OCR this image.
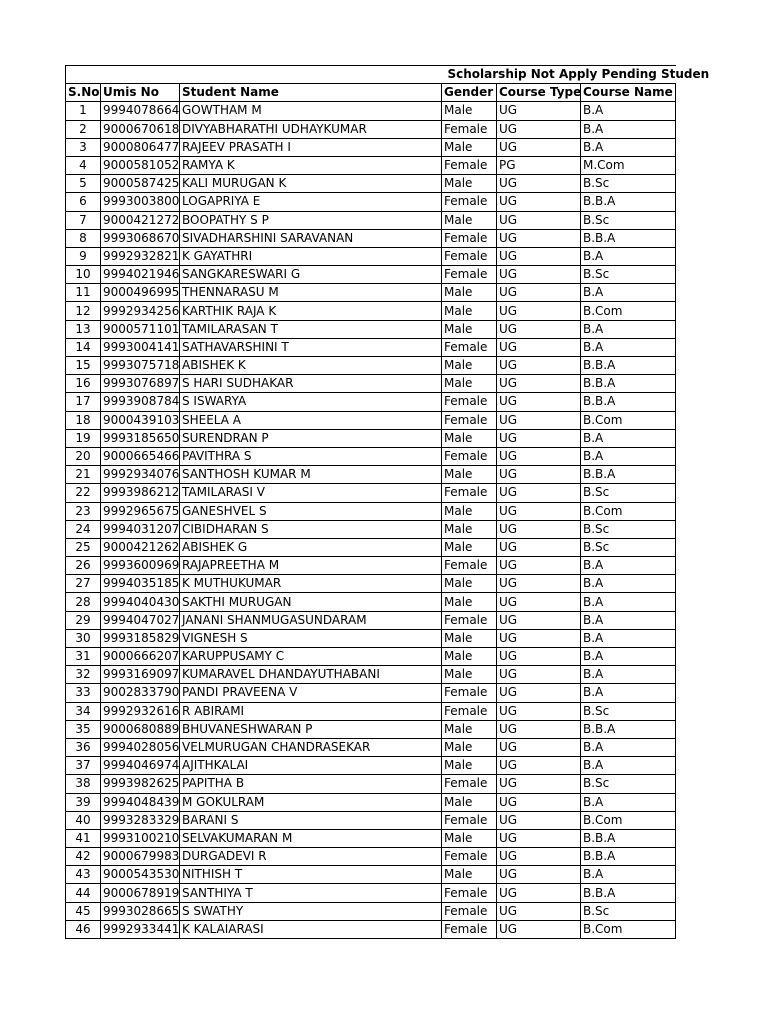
			Scholarship Not Apply Pending Studen		
S.No	Umis No	Student Name	Gender	Course Type	Course Name
1	9994078664	GOWTHAM M	Male	UG	B.A
2	9000670618	DIVYABHARATHI UDHAYKUMAR	Female	UG	B.A
3	9000806477	RAJEEV PRASATH I	Male	UG	B.A
4	9000581052	RAMYA K	Female	PG	M.Com
5	9000587425	KALI MURUGAN K	Male	UG	B.Sc
6	9993003800	LOGAPRIYA E	Female	UG	B.B.A
7	9000421272	BOOPATHY S P	Male	UG	B.Sc
8	9993068670	SIVADHARSHINI SARAVANAN	Female	UG	B.B.A
9	9992932821	K GAYATHRI	Female	UG	B.A
10	9994021946	SANGKARESWARI G	Female	UG	B.Sc
11	9000496995	THENNARASU M	Male	UG	B.A
12	9992934256	KARTHIK RAJA K	Male	UG	B.Com
13	9000571101	TAMILARASAN T	Male	UG	B.A
14	9993004141	SATHAVARSHINI T	Female	UG	B.A
15	9993075718	ABISHEK K	Male	UG	B.B.A
16	9993076897	S HARI SUDHAKAR	Male	UG	B.B.A
17	9993908784	S ISWARYA	Female	UG	B.B.A
18	9000439103	SHEELA A	Female	UG	B.Com
19	9993185650	SURENDRAN P	Male	UG	B.A
20	9000665466	PAVITHRA S	Female	UG	B.A
21	9992934076	SANTHOSH KUMAR M	Male	UG	B.B.A
22	9993986212	TAMILARASI V	Female	UG	B.Sc
23	9992965675	GANESHVEL S	Male	UG	B.Com
24	9994031207	CIBIDHARAN S	Male	UG	B.Sc
25	9000421262	ABISHEK G	Male	UG	B.Sc
26	9993600969	RAJAPREETHA M	Female	UG	B.A
27	9994035185	K MUTHUKUMAR	Male	UG	B.A
28	9994040430	SAKTHI MURUGAN	Male	UG	B.A
29	9994047027	JANANI SHANMUGASUNDARAM	Female	UG	B.A
30	9993185829	VIGNESH S	Male	UG	B.A
31	9000666207	KARUPPUSAMY C	Male	UG	B.A
32	9993169097	KUMARAVEL DHANDAYUTHABANI	Male	UG	B.A
33	9002833790	PANDI PRAVEENA V	Female	UG	B.A
34	9992932616	R ABIRAMI	Female	UG	B.Sc
35	9000680889	BHUVANESHWARAN P	Male	UG	B.B.A
36	9994028056	VELMURUGAN CHANDRASEKAR	Male	UG	B.A
37	9994046974	AJITHKALAI	Male	UG	B.A
38	9993982625	PAPITHA B	Female	UG	B.Sc
39	9994048439	M GOKULRAM	Male	UG	B.A
40	9993283329	BARANI S	Female	UG	B.Com
41	9993100210	SELVAKUMARAN M	Male	UG	B.B.A
42	9000679983	DURGADEVI R	Female	UG	B.B.A
43	9000543530	NITHISH T	Male	UG	B.A
44	9000678919	SANTHIYA T	Female	UG	B.B.A
45	9993028665	S SWATHY	Female	UG	B.Sc
46	9992933441	K KALAIARASI	Female	UG	B.Com
